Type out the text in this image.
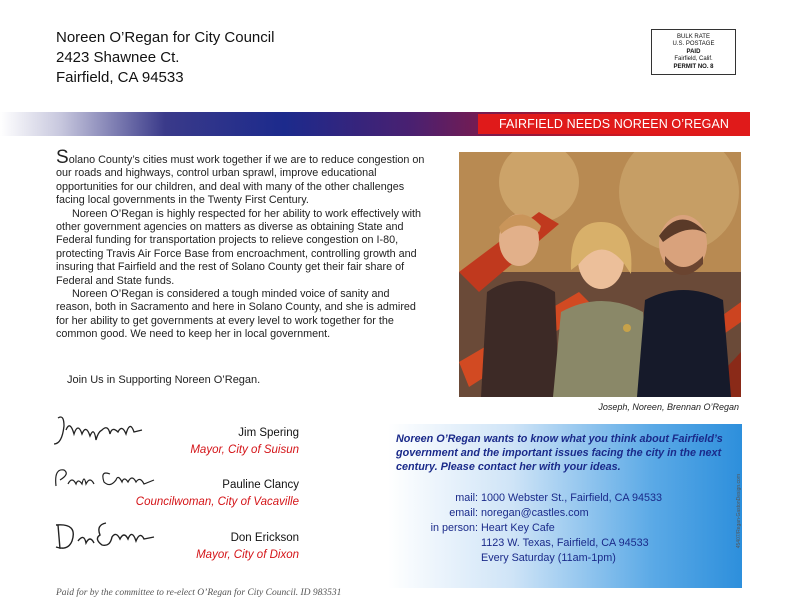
Noreen O’Regan for City Council
2423 Shawnee Ct.
Fairfield, CA 94533
BULK RATE
U.S. POSTAGE
PAID
Fairfield, Calif.
PERMIT NO. 8
FAIRFIELD NEEDS NOREEN O’REGAN

Solano County’s cities must work together if we are to reduce congestion on our roads and highways, control urban sprawl, improve educational opportunities for our children, and deal with many of the other challenges facing local governments in the Twenty First Century.

Noreen O’Regan is highly respected for her ability to work effectively with other government agencies on matters as diverse as obtaining State and Federal funding for transportation projects to relieve congestion on I-80, protecting Travis Air Force Base from encroachment, controlling growth and insuring that Fairfield and the rest of Solano County get their fair share of Federal and State funds.

Noreen O’Regan is considered a tough minded voice of sanity and reason, both in Sacramento and here in Solano County, and she is admired for her ability to get governments at every level to work together for the common good. We need to keep her in local government.

Join Us in Supporting Noreen O’Regan.
Joseph, Noreen, Brennan O’Regan
Jim Spering
Mayor, City of Suisun
Pauline Clancy
Councilwoman, City of Vacaville
Don Erickson
Mayor, City of Dixon
Noreen O’Regan wants to know what you think about Fairfield’s government and the important issues facing the city in the next century. Please contact her with your ideas.
mail: 1000 Webster St., Fairfield, CA 94533
email: noregan@castles.com
in person: Heart Key Cafe
1123 W. Texas, Fairfield, CA 94533
Every Saturday (11am-1pm)
45407/Regan-GastonDesign.com
Paid for by the committee to re-elect O’Regan for City Council. ID 983531
